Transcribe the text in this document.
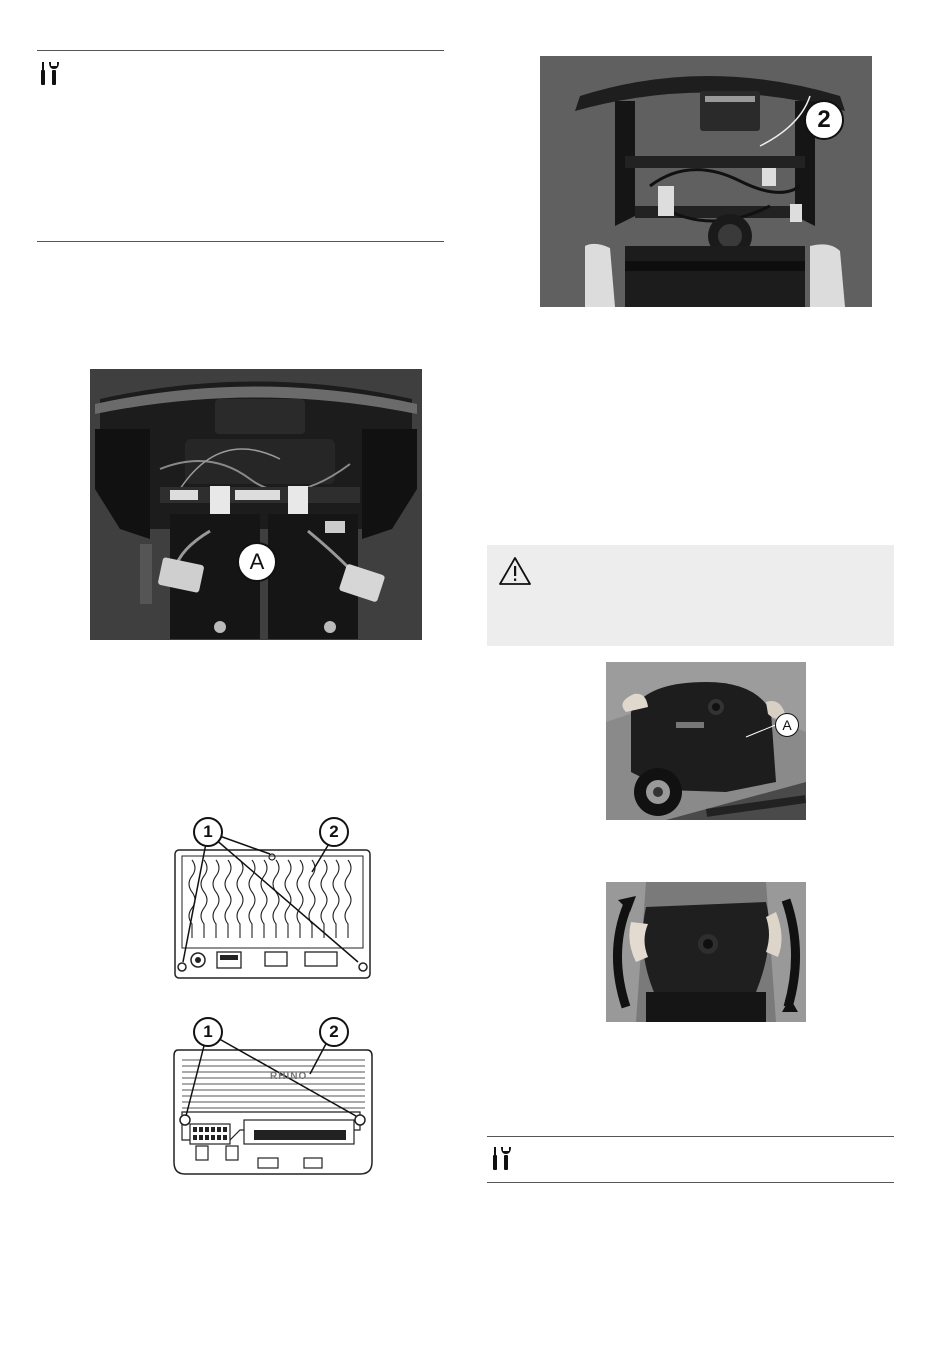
A
1	2
RHINO
1	2
2
A
